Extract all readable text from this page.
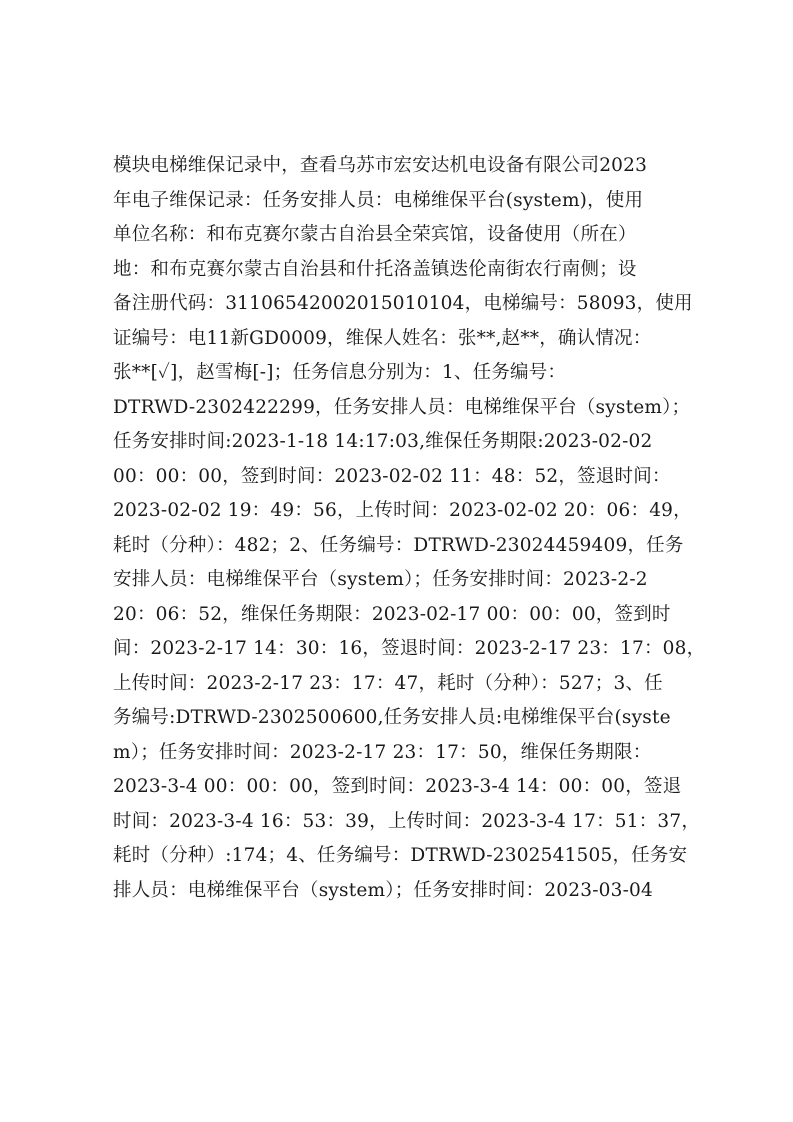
模块电梯维保记录中，查看乌苏市宏安达机电设备有限公司2023
年电子维保记录：任务安排人员：电梯维保平台(system)，使用
单位名称：和布克赛尔蒙古自治县全荣宾馆，设备使用（所在）
地：和布克赛尔蒙古自治县和什托洛盖镇迭伦南街农行南侧；设
备注册代码：31106542002015010104，电梯编号：58093，使用
证编号：电11新GD0009，维保人姓名：张**,赵**，确认情况：
张**[✓]，赵雪梅[-]；任务信息分别为：1、任务编号：
DTRWD-2302422299，任务安排人员：电梯维保平台（system）；
任务安排时间:2023-1-18 14:17:03,维保任务期限:2023-02-02
00：00：00，签到时间：2023-02-02 11：48：52，签退时间：
2023-02-02 19：49：56，上传时间：2023-02-02 20：06：49，
耗时（分种）：482；2、任务编号：DTRWD-23024459409，任务
安排人员：电梯维保平台（system）；任务安排时间：2023-2-2
20：06：52，维保任务期限：2023-02-17 00：00：00，签到时
间：2023-2-17 14：30：16，签退时间：2023-2-17 23：17：08，
上传时间：2023-2-17 23：17：47，耗时（分种）：527；3、任
务编号:DTRWD-2302500600,任务安排人员:电梯维保平台(syste
m）；任务安排时间：2023-2-17 23：17：50，维保任务期限：
2023-3-4 00：00：00，签到时间：2023-3-4 14：00：00，签退
时间：2023-3-4 16：53：39，上传时间：2023-3-4 17：51：37，
耗时（分种）:174；4、任务编号：DTRWD-2302541505，任务安
排人员：电梯维保平台（system）；任务安排时间：2023-03-04
